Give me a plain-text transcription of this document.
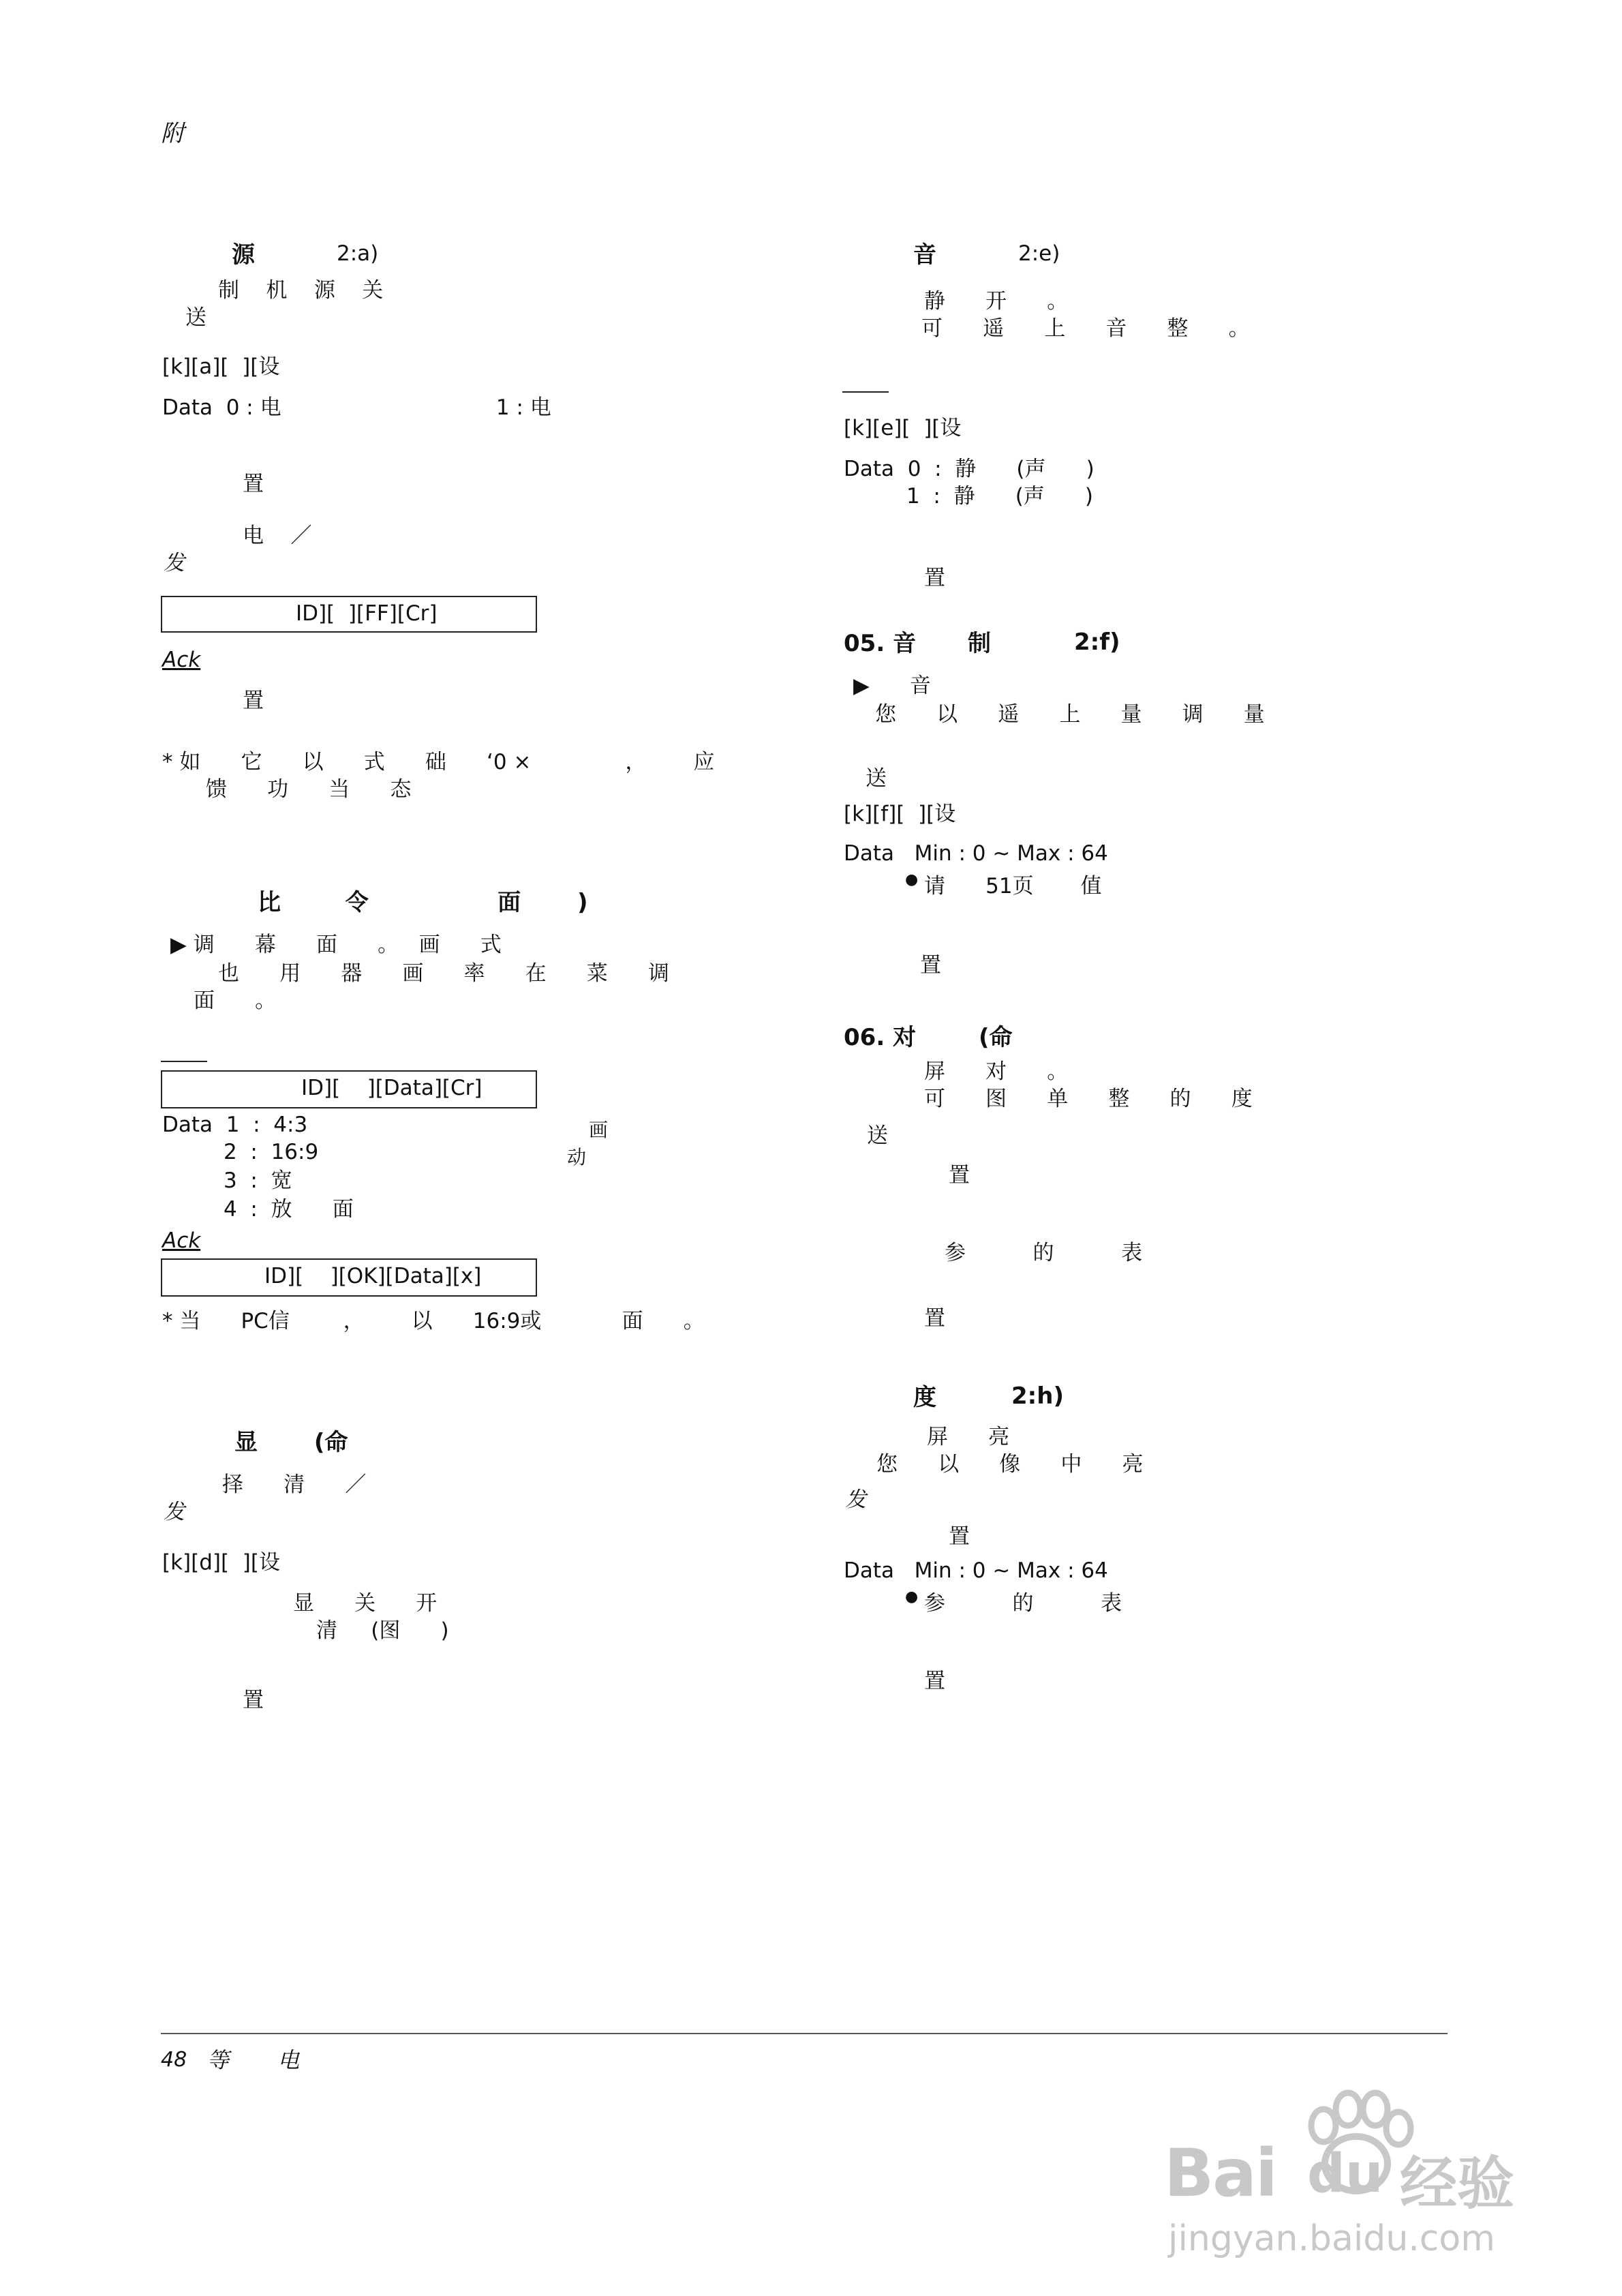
附
源	2:a)
制    机    源    关
送
[k][a][  ][设
Data  0 : 电                                1 : 电
置
电    ／
发
ID][  ][FF][Cr]
Ack
置
* 如      它      以      式      础      ‘0 ×              ，       应
馈      功      当      态
比        令                面       )
▶ 调      幕      面      。   画      式
也      用      器      画      率      在      菜      调
面      。
ID][    ][Data][Cr]
Data  1  :  4:3
2  :  16:9
3  :  宽
4  :  放      面
画
动
Ack
ID][    ][OK][Data][x]
* 当      PC信        ，       以      16:9或            面      。
显       (命
择      清      ／
发
[k][d][  ][设
显      关      开
清     (图      )
置
音	2:e)
静      开      。
可      遥      上      音      整      。
[k][e][  ][设
Data  0  :  静      (声      )
1  :  静      (声      )
置
05. 音 制	2:f)
▶      音
您      以      遥      上      量      调      量
送
[k][f][  ][设
Data   Min : 0 ~ Max : 64
● 请      51页       值
置
06. 对	(命
屏      对      。
可      图      单      整      的      度
送
置
参          的          表
置
度	2:h)
屏      亮
您      以      像      中      亮
发
置
Data   Min : 0 ~ Max : 64
● 参          的          表
置
48 等       电
Bai du 经验
jingyan.baidu.com
